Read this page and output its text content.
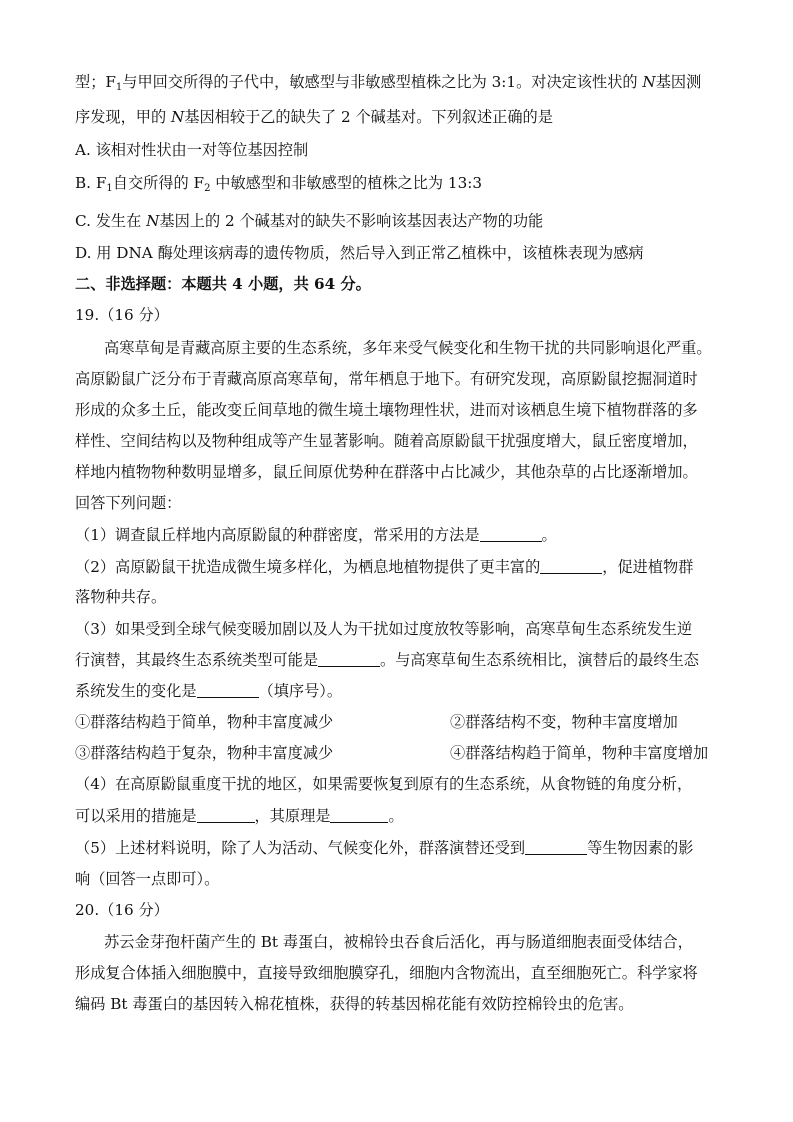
型；$F_1$与甲回交所得的子代中，敏感型与非敏感型植株之比为 3:1。对决定该性状的 N基因测
序发现，甲的 N基因相较于乙的缺失了 2 个碱基对。下列叙述正确的是
A. 该相对性状由一对等位基因控制
B. $F_1$自交所得的 $F_2$ 中敏感型和非敏感型的植株之比为 13:3
C. 发生在 N基因上的 2 个碱基对的缺失不影响该基因表达产物的功能
D. 用 DNA 酶处理该病毒的遗传物质，然后导入到正常乙植株中，该植株表现为感病
二、非选择题：本题共 4 小题，共 64 分。
19.（16 分）
高寒草甸是青藏高原主要的生态系统，多年来受气候变化和生物干扰的共同影响退化严重。
高原鼢鼠广泛分布于青藏高原高寒草甸，常年栖息于地下。有研究发现，高原鼢鼠挖掘洞道时
形成的众多土丘，能改变丘间草地的微生境土壤物理性状，进而对该栖息生境下植物群落的多
样性、空间结构以及物种组成等产生显著影响。随着高原鼢鼠干扰强度增大，鼠丘密度增加，
样地内植物物种数明显增多，鼠丘间原优势种在群落中占比减少，其他杂草的占比逐渐增加。
回答下列问题：
（1）调查鼠丘样地内高原鼢鼠的种群密度，常采用的方法是	。
（2）高原鼢鼠干扰造成微生境多样化，为栖息地植物提供了更丰富的	，促进植物群
落物种共存。
（3）如果受到全球气候变暖加剧以及人为干扰如过度放牧等影响，高寒草甸生态系统发生逆
行演替，其最终生态系统类型可能是	。与高寒草甸生态系统相比，演替后的最终生态
系统发生的变化是	（填序号）。
①群落结构趋于简单，物种丰富度减少	②群落结构不变，物种丰富度增加
③群落结构趋于复杂，物种丰富度减少	④群落结构趋于简单，物种丰富度增加
（4）在高原鼢鼠重度干扰的地区，如果需要恢复到原有的生态系统，从食物链的角度分析，
可以采用的措施是	，其原理是	。
（5）上述材料说明，除了人为活动、气候变化外，群落演替还受到	等生物因素的影
响（回答一点即可）。
20.（16 分）
苏云金芽孢杆菌产生的 Bt 毒蛋白，被棉铃虫吞食后活化，再与肠道细胞表面受体结合，
形成复合体插入细胞膜中，直接导致细胞膜穿孔，细胞内含物流出，直至细胞死亡。科学家将
编码 Bt 毒蛋白的基因转入棉花植株，获得的转基因棉花能有效防控棉铃虫的危害。
